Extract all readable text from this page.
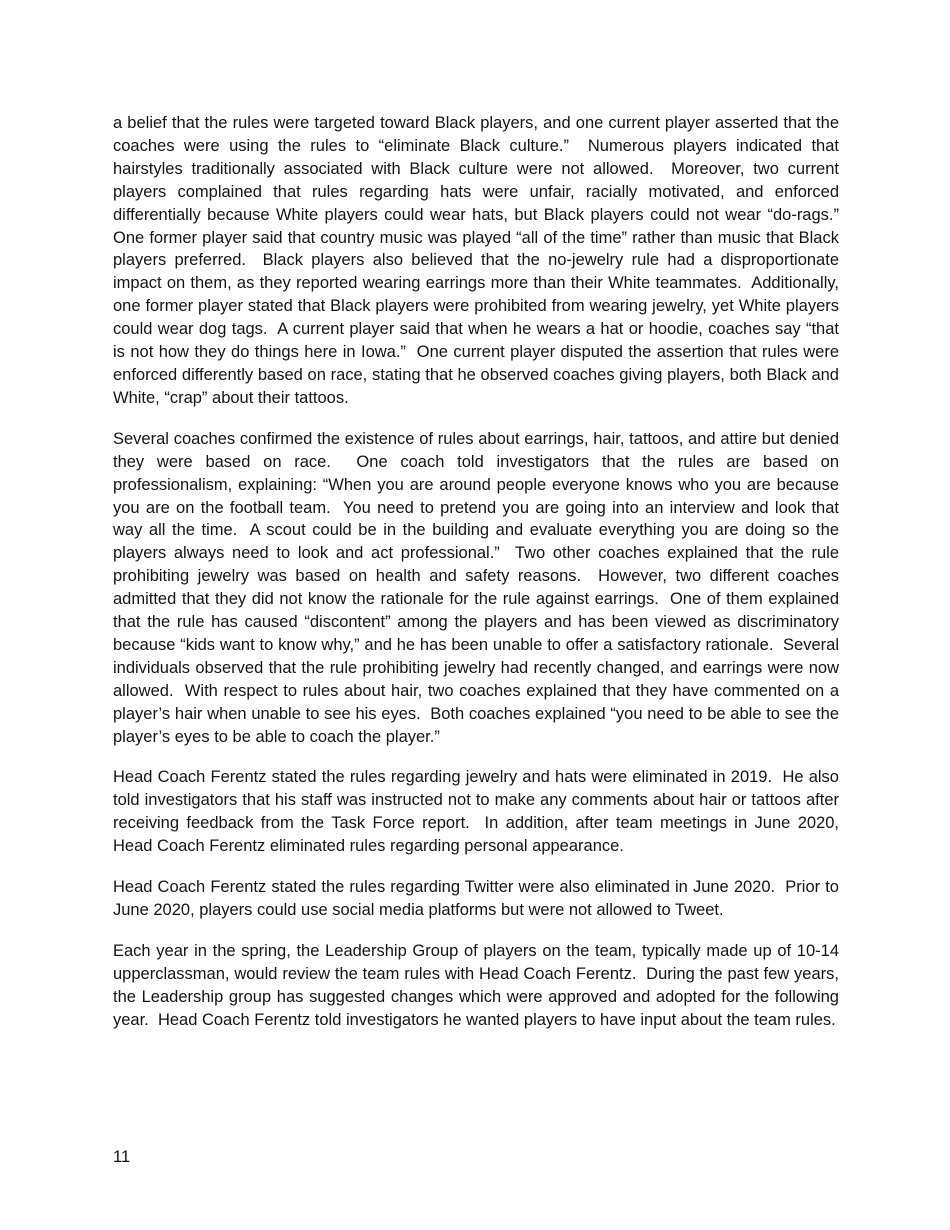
a belief that the rules were targeted toward Black players, and one current player asserted that the coaches were using the rules to “eliminate Black culture.”  Numerous players indicated that hairstyles traditionally associated with Black culture were not allowed.  Moreover, two current players complained that rules regarding hats were unfair, racially motivated, and enforced differentially because White players could wear hats, but Black players could not wear “do-rags.”  One former player said that country music was played “all of the time” rather than music that Black players preferred.  Black players also believed that the no-jewelry rule had a disproportionate impact on them, as they reported wearing earrings more than their White teammates.  Additionally, one former player stated that Black players were prohibited from wearing jewelry, yet White players could wear dog tags.  A current player said that when he wears a hat or hoodie, coaches say “that is not how they do things here in Iowa.”  One current player disputed the assertion that rules were enforced differently based on race, stating that he observed coaches giving players, both Black and White, “crap” about their tattoos.

Several coaches confirmed the existence of rules about earrings, hair, tattoos, and attire but denied they were based on race.  One coach told investigators that the rules are based on professionalism, explaining: “When you are around people everyone knows who you are because you are on the football team.  You need to pretend you are going into an interview and look that way all the time.  A scout could be in the building and evaluate everything you are doing so the players always need to look and act professional.”  Two other coaches explained that the rule prohibiting jewelry was based on health and safety reasons.  However, two different coaches admitted that they did not know the rationale for the rule against earrings.  One of them explained that the rule has caused “discontent” among the players and has been viewed as discriminatory because “kids want to know why,” and he has been unable to offer a satisfactory rationale.  Several individuals observed that the rule prohibiting jewelry had recently changed, and earrings were now allowed.  With respect to rules about hair, two coaches explained that they have commented on a player’s hair when unable to see his eyes.  Both coaches explained “you need to be able to see the player’s eyes to be able to coach the player.”

Head Coach Ferentz stated the rules regarding jewelry and hats were eliminated in 2019.  He also told investigators that his staff was instructed not to make any comments about hair or tattoos after receiving feedback from the Task Force report.  In addition, after team meetings in June 2020, Head Coach Ferentz eliminated rules regarding personal appearance.

Head Coach Ferentz stated the rules regarding Twitter were also eliminated in June 2020.  Prior to June 2020, players could use social media platforms but were not allowed to Tweet.

Each year in the spring, the Leadership Group of players on the team, typically made up of 10-14 upperclassman, would review the team rules with Head Coach Ferentz.  During the past few years, the Leadership group has suggested changes which were approved and adopted for the following year.  Head Coach Ferentz told investigators he wanted players to have input about the team rules.

11
